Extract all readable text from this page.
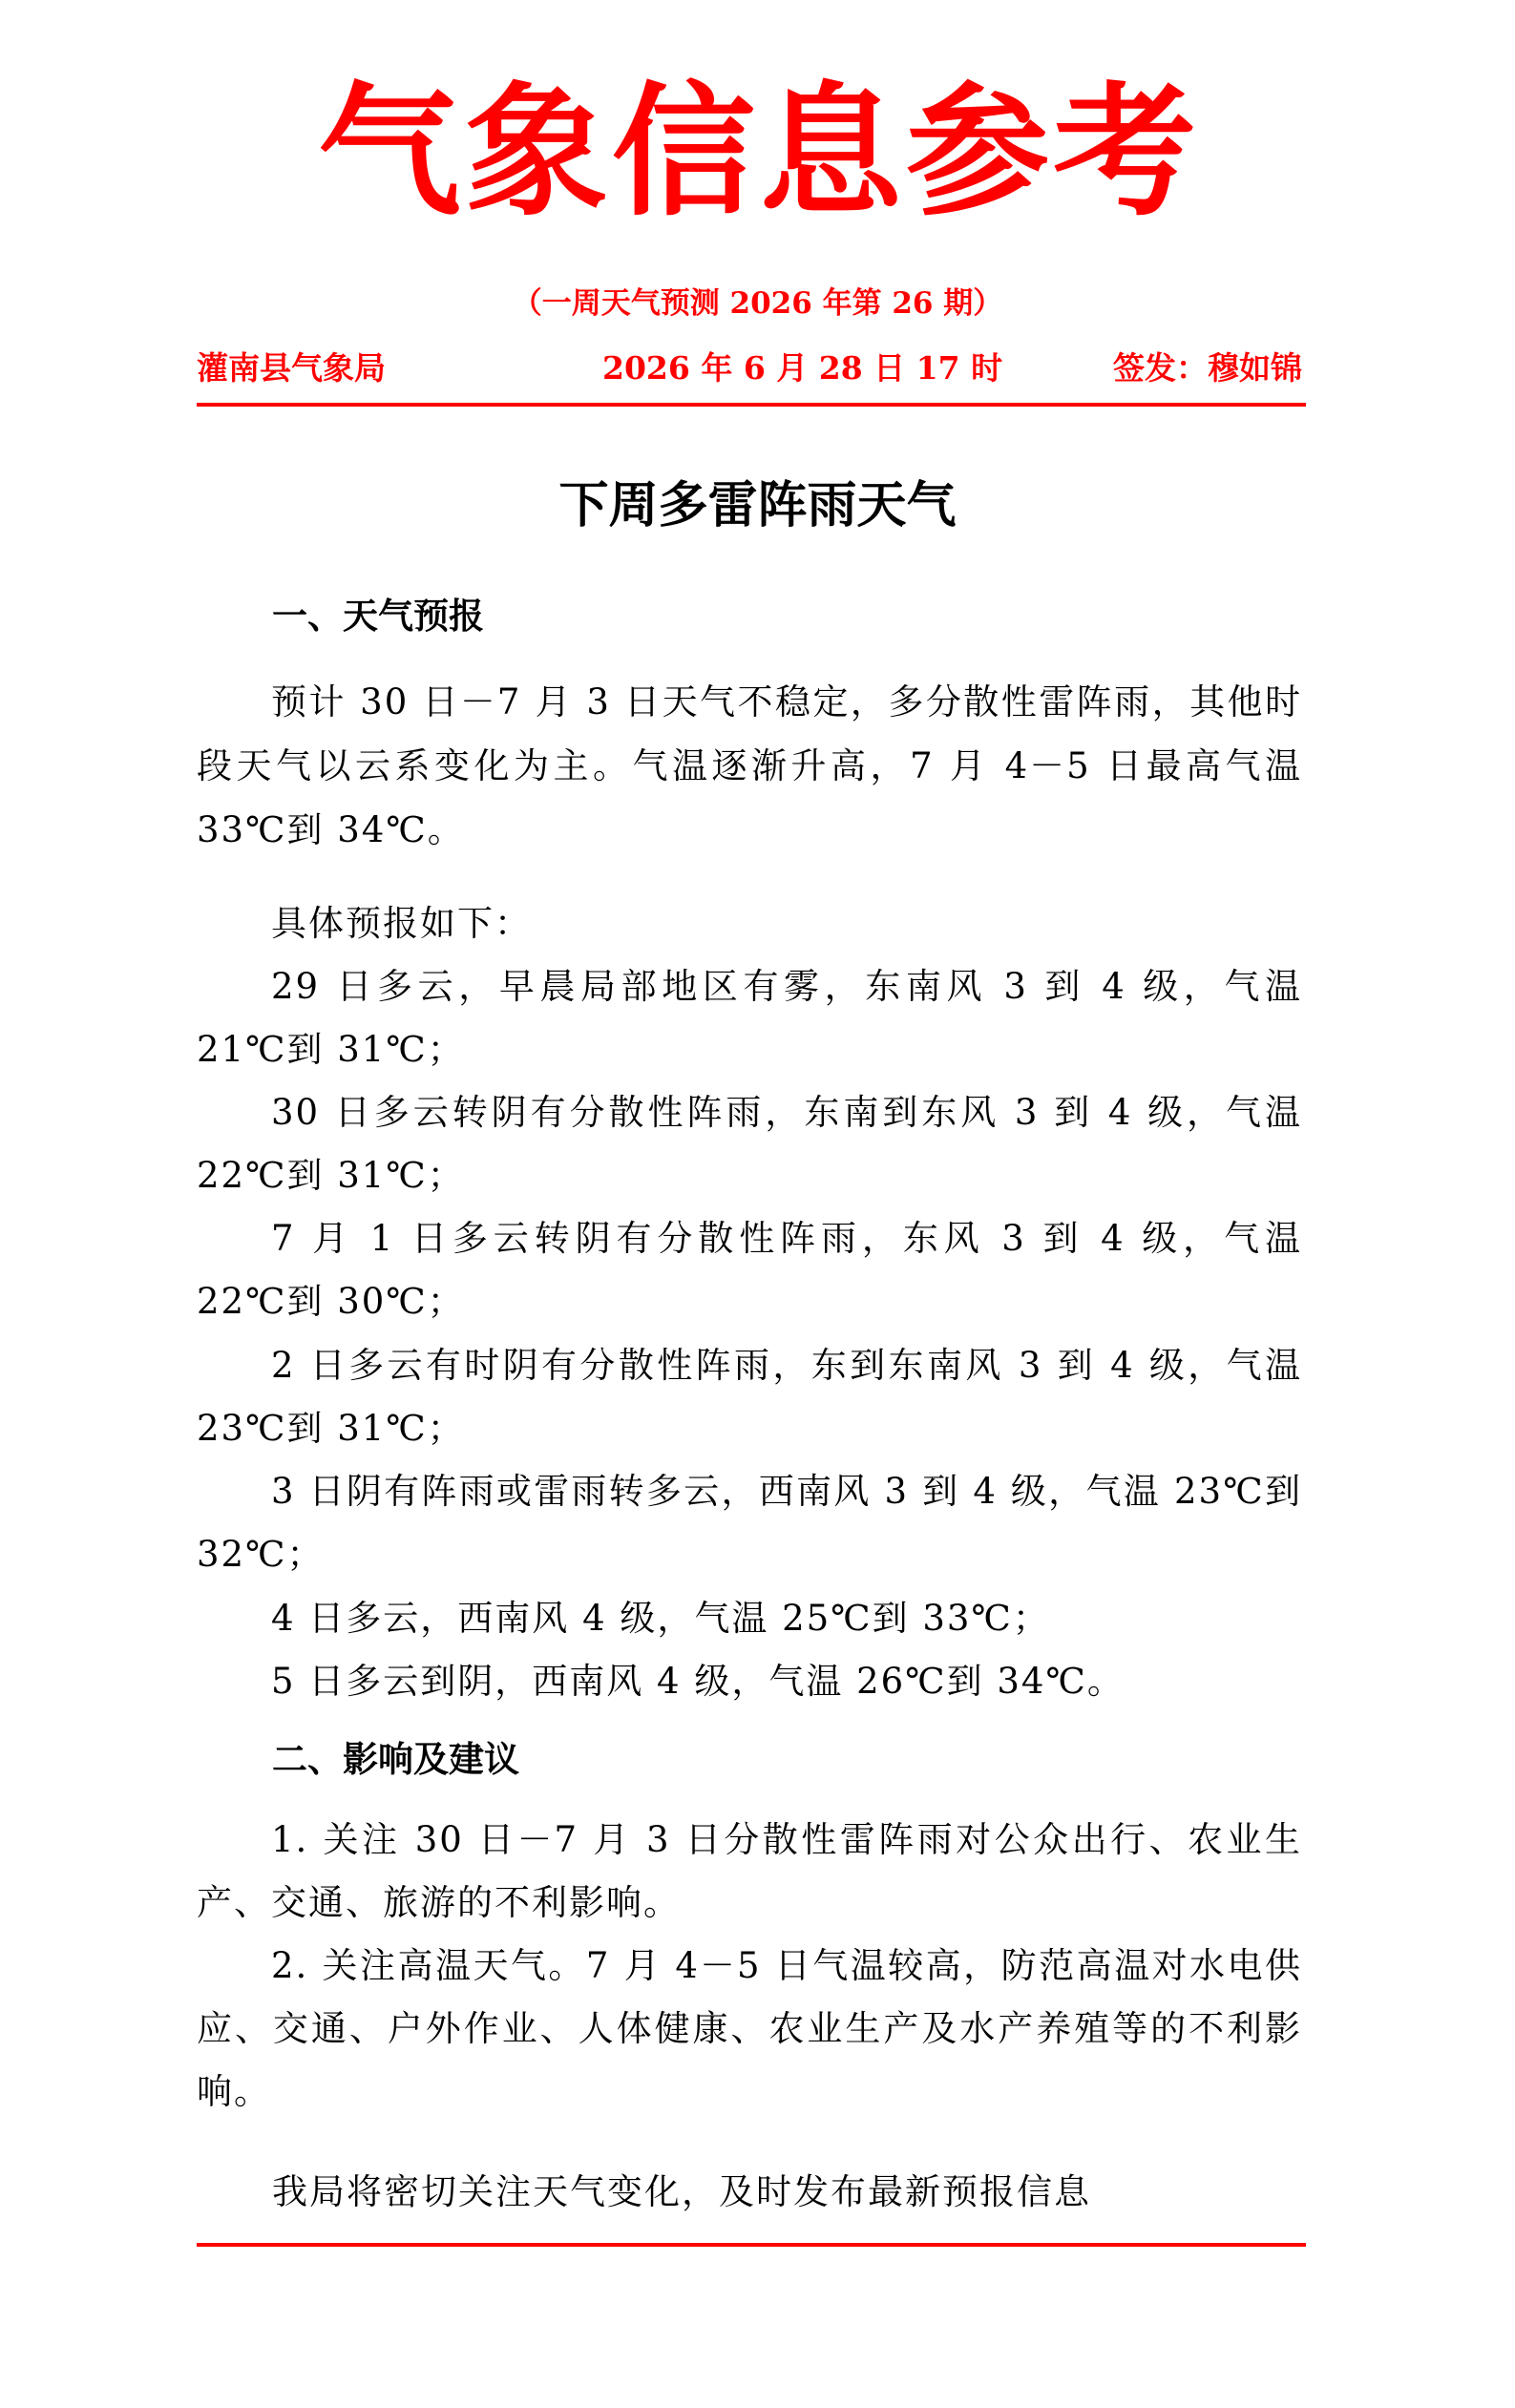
气象信息参考
（一周天气预测 2026 年第 26 期）
灌南县气象局	2026 年 6 月 28 日 17 时	签发：穆如锦
下周多雷阵雨天气
一、天气预报
预计 30 日－7 月 3 日天气不稳定，多分散性雷阵雨，其他时段天气以云系变化为主。气温逐渐升高，7 月 4－5 日最高气温 33℃到 34℃。
具体预报如下：
29 日多云，早晨局部地区有雾，东南风 3 到 4 级，气温 21℃到 31℃；
30 日多云转阴有分散性阵雨，东南到东风 3 到 4 级，气温 22℃到 31℃；
7 月 1 日多云转阴有分散性阵雨，东风 3 到 4 级，气温 22℃到 30℃；
2 日多云有时阴有分散性阵雨，东到东南风 3 到 4 级，气温 23℃到 31℃；
3 日阴有阵雨或雷雨转多云，西南风 3 到 4 级，气温 23℃到 32℃；
4 日多云，西南风 4 级，气温 25℃到 33℃；
5 日多云到阴，西南风 4 级，气温 26℃到 34℃。
二、影响及建议
1. 关注 30 日－7 月 3 日分散性雷阵雨对公众出行、农业生产、交通、旅游的不利影响。
2. 关注高温天气。7 月 4－5 日气温较高，防范高温对水电供应、交通、户外作业、人体健康、农业生产及水产养殖等的不利影响。
我局将密切关注天气变化，及时发布最新预报信息
